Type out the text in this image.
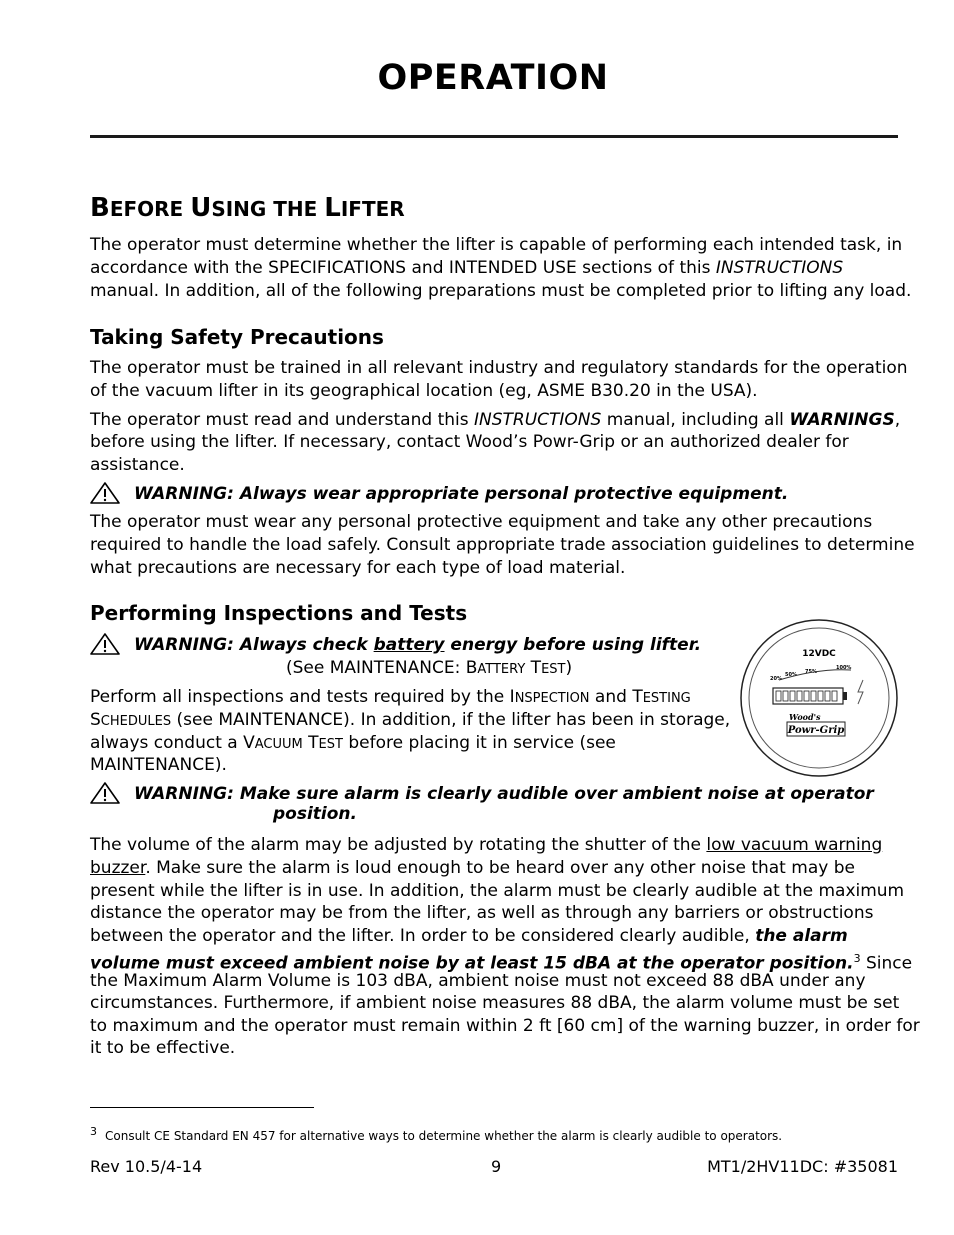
OPERATION
BEFORE USING THE LIFTER
The operator must determine whether the lifter is capable of performing each intended task, in
accordance with the SPECIFICATIONS and INTENDED USE sections of this INSTRUCTIONS
manual. In addition, all of the following preparations must be completed prior to lifting any load.
Taking Safety Precautions
The operator must be trained in all relevant industry and regulatory standards for the operation
of the vacuum lifter in its geographical location (eg, ASME B30.20 in the USA).
The operator must read and understand this INSTRUCTIONS manual, including all WARNINGS,
before using the lifter. If necessary, contact Wood’s Powr-Grip or an authorized dealer for
assistance.
WARNING: Always wear appropriate personal protective equipment.
The operator must wear any personal protective equipment and take any other precautions
required to handle the load safely. Consult appropriate trade association guidelines to determine
what precautions are necessary for each type of load material.
Performing Inspections and Tests
WARNING: Always check battery energy before using lifter.
(See MAINTENANCE: BATTERY TEST)
Perform all inspections and tests required by the INSPECTION and TESTING
SCHEDULES (see MAINTENANCE). In addition, if the lifter has been in storage,
always conduct a VACUUM TEST before placing it in service (see
MAINTENANCE).
12VDC
20%
50% 75%
100%
Wood's
Powr-Grip
WARNING: Make sure alarm is clearly audible over ambient noise at operator
position.
The volume of the alarm may be adjusted by rotating the shutter of the low vacuum warning
buzzer. Make sure the alarm is loud enough to be heard over any other noise that may be
present while the lifter is in use. In addition, the alarm must be clearly audible at the maximum
distance the operator may be from the lifter, as well as through any barriers or obstructions
between the operator and the lifter. In order to be considered clearly audible, the alarm
volume must exceed ambient noise by at least 15 dBA at the operator position.$^3$ Since
the Maximum Alarm Volume is 103 dBA, ambient noise must not exceed 88 dBA under any
circumstances. Furthermore, if ambient noise measures 88 dBA, the alarm volume must be set
to maximum and the operator must remain within 2 ft [60 cm] of the warning buzzer, in order for
it to be effective.
$^3$ Consult CE Standard EN 457 for alternative ways to determine whether the alarm is clearly audible to operators.
Rev 10.5/4-14	9	MT1/2HV11DC: #35081
